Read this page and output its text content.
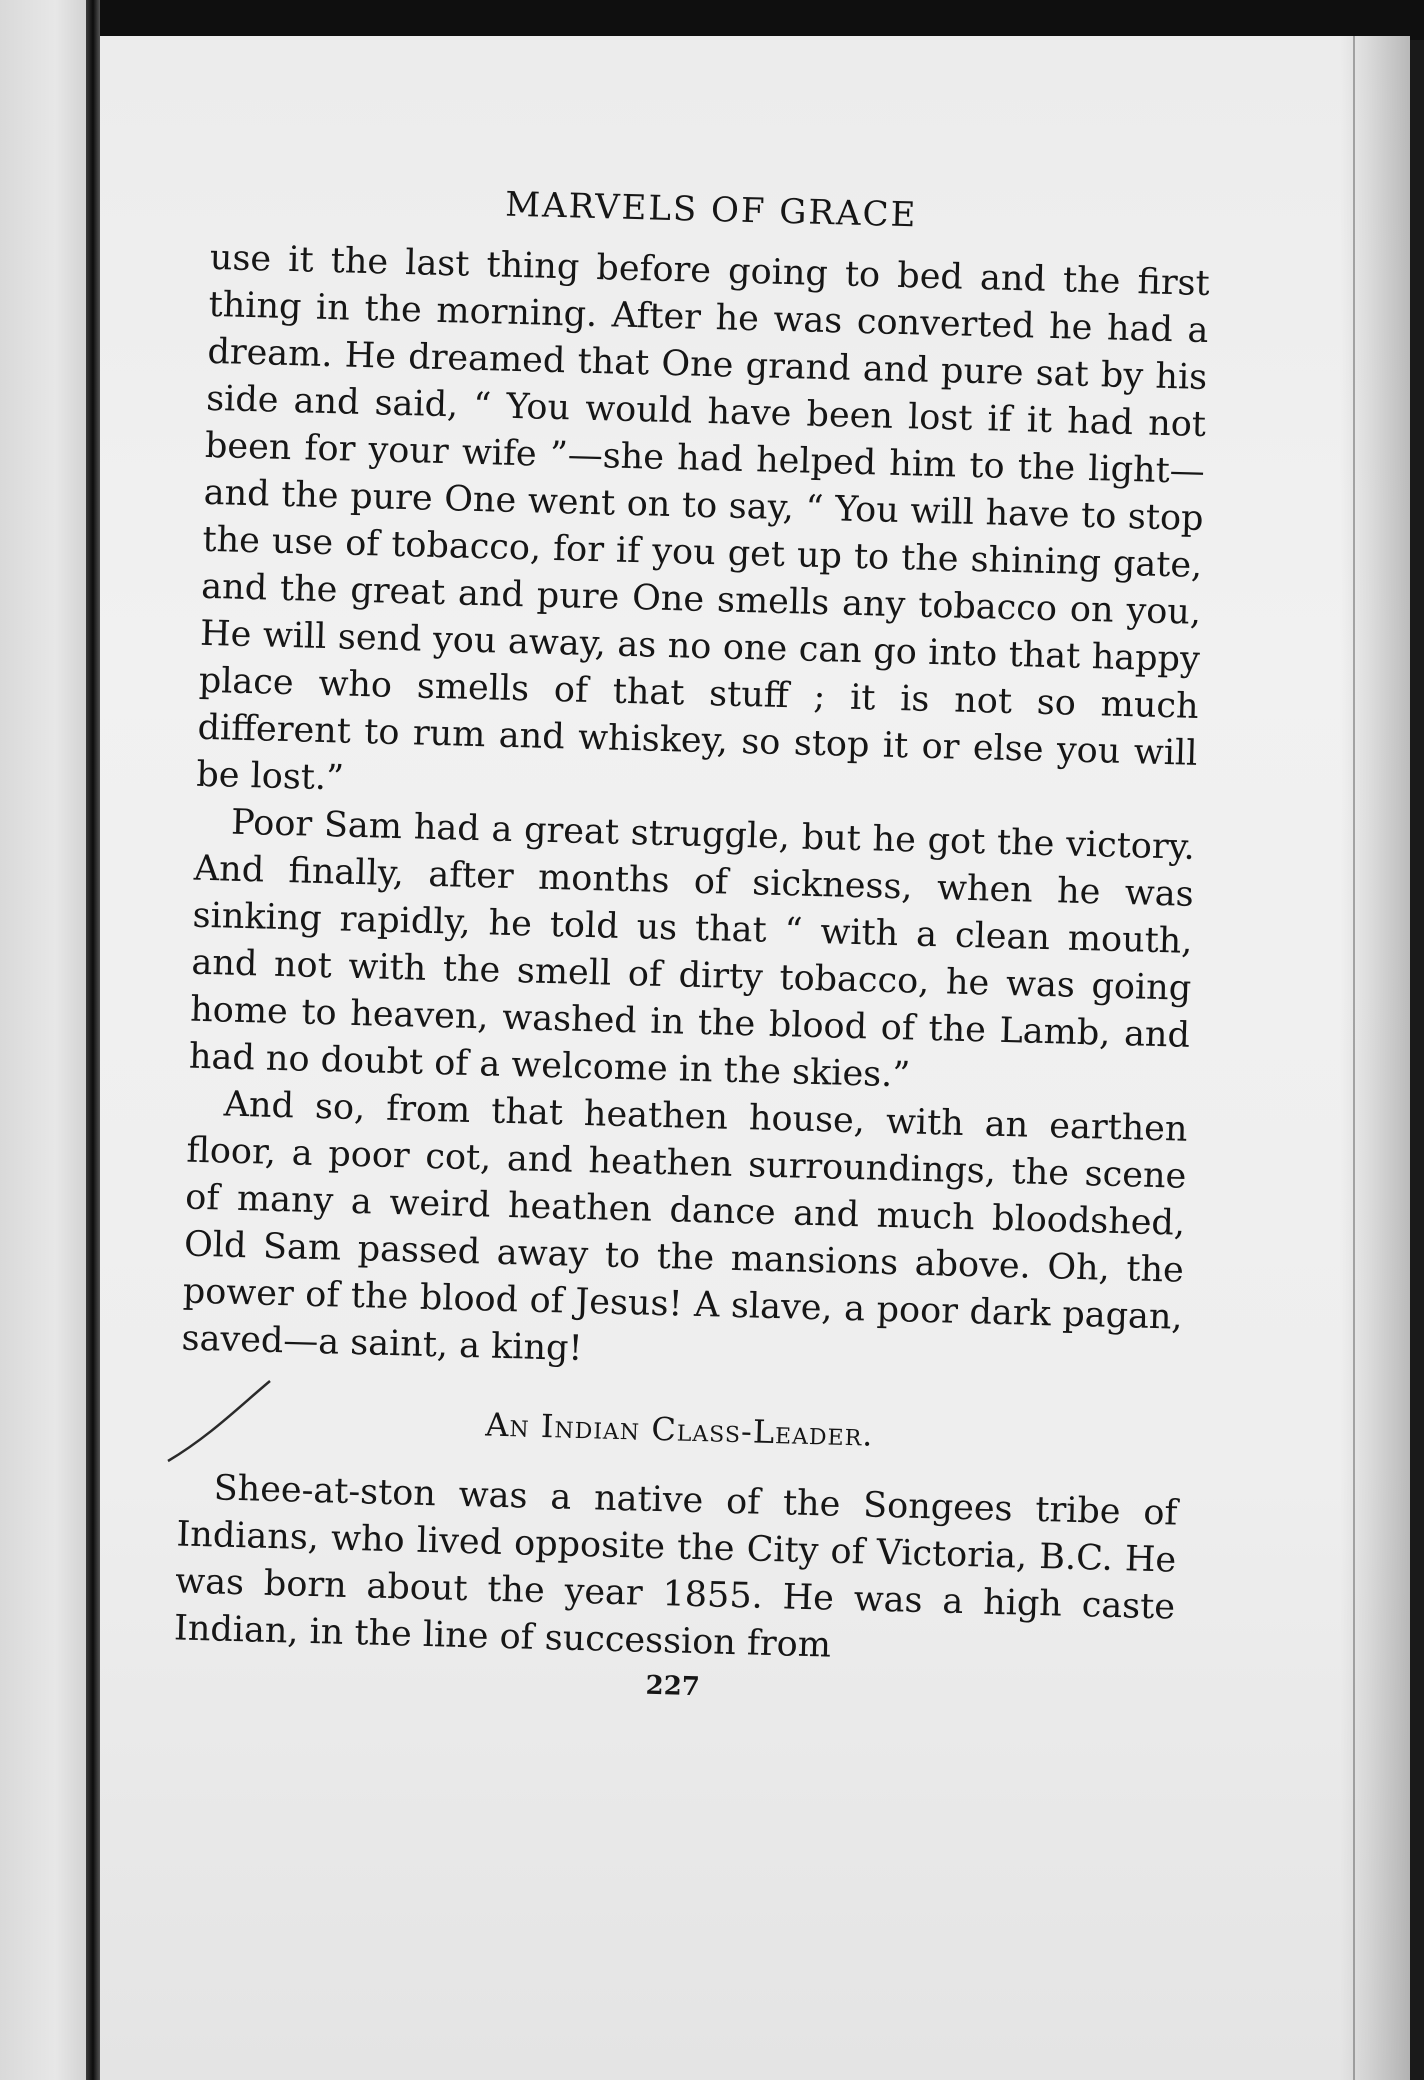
MARVELS OF GRACE

use it the last thing before going to bed and the first thing in the morning. After he was converted he had a dream. He dreamed that One grand and pure sat by his side and said, “ You would have been lost if it had not been for your wife ”—she had helped him to the light—and the pure One went on to say, “ You will have to stop the use of tobacco, for if you get up to the shining gate, and the great and pure One smells any tobacco on you, He will send you away, as no one can go into that happy place who smells of that stuff ; it is not so much different to rum and whiskey, so stop it or else you will be lost.”

Poor Sam had a great struggle, but he got the victory. And finally, after months of sickness, when he was sinking rapidly, he told us that “ with a clean mouth, and not with the smell of dirty tobacco, he was going home to heaven, washed in the blood of the Lamb, and had no doubt of a welcome in the skies.”

And so, from that heathen house, with an earthen floor, a poor cot, and heathen surroundings, the scene of many a weird heathen dance and much bloodshed, Old Sam passed away to the mansions above. Oh, the power of the blood of Jesus! A slave, a poor dark pagan, saved—a saint, a king!

An Indian Class-Leader.

Shee-at-ston was a native of the Songees tribe of Indians, who lived opposite the City of Victoria, B.C. He was born about the year 1855. He was a high caste Indian, in the line of succession from

227
